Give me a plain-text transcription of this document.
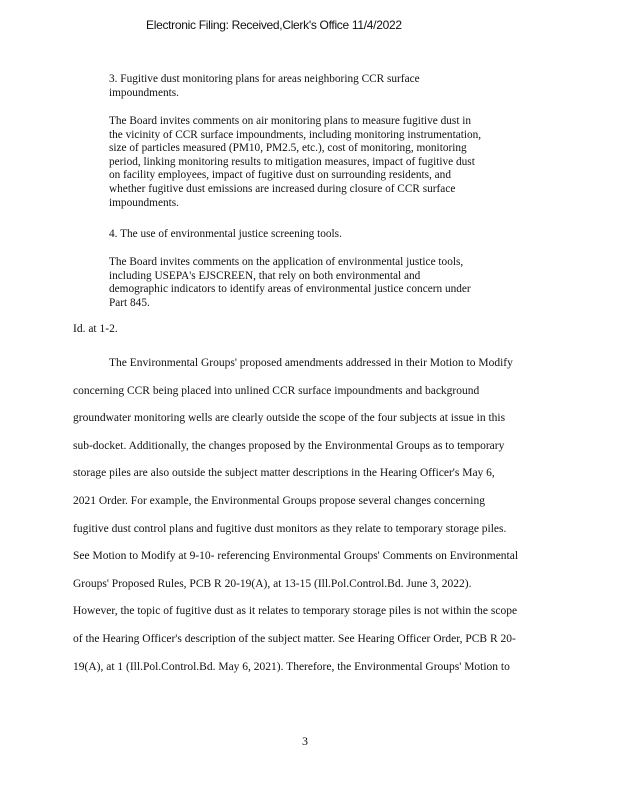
Electronic Filing: Received,Clerk's Office 11/4/2022

3. Fugitive dust monitoring plans for areas neighboring CCR surface

impoundments.

The Board invites comments on air monitoring plans to measure fugitive dust in

the vicinity of CCR surface impoundments, including monitoring instrumentation,

size of particles measured (PM10, PM2.5, etc.), cost of monitoring, monitoring

period, linking monitoring results to mitigation measures, impact of fugitive dust

on facility employees, impact of fugitive dust on surrounding residents, and

whether fugitive dust emissions are increased during closure of CCR surface

impoundments.

4. The use of environmental justice screening tools.

The Board invites comments on the application of environmental justice tools,

including USEPA's EJSCREEN, that rely on both environmental and

demographic indicators to identify areas of environmental justice concern under

Part 845.

Id. at 1-2.
The Environmental Groups' proposed amendments addressed in their Motion to Modify
concerning CCR being placed into unlined CCR surface impoundments and background
groundwater monitoring wells are clearly outside the scope of the four subjects at issue in this
sub-docket. Additionally, the changes proposed by the Environmental Groups as to temporary
storage piles are also outside the subject matter descriptions in the Hearing Officer's May 6,
2021 Order. For example, the Environmental Groups propose several changes concerning
fugitive dust control plans and fugitive dust monitors as they relate to temporary storage piles.
See Motion to Modify at 9-10- referencing Environmental Groups' Comments on Environmental
Groups' Proposed Rules, PCB R 20-19(A), at 13-15 (Ill.Pol.Control.Bd. June 3, 2022).
However, the topic of fugitive dust as it relates to temporary storage piles is not within the scope
of the Hearing Officer's description of the subject matter. See Hearing Officer Order, PCB R 20-
19(A), at 1 (Ill.Pol.Control.Bd. May 6, 2021). Therefore, the Environmental Groups' Motion to
3
